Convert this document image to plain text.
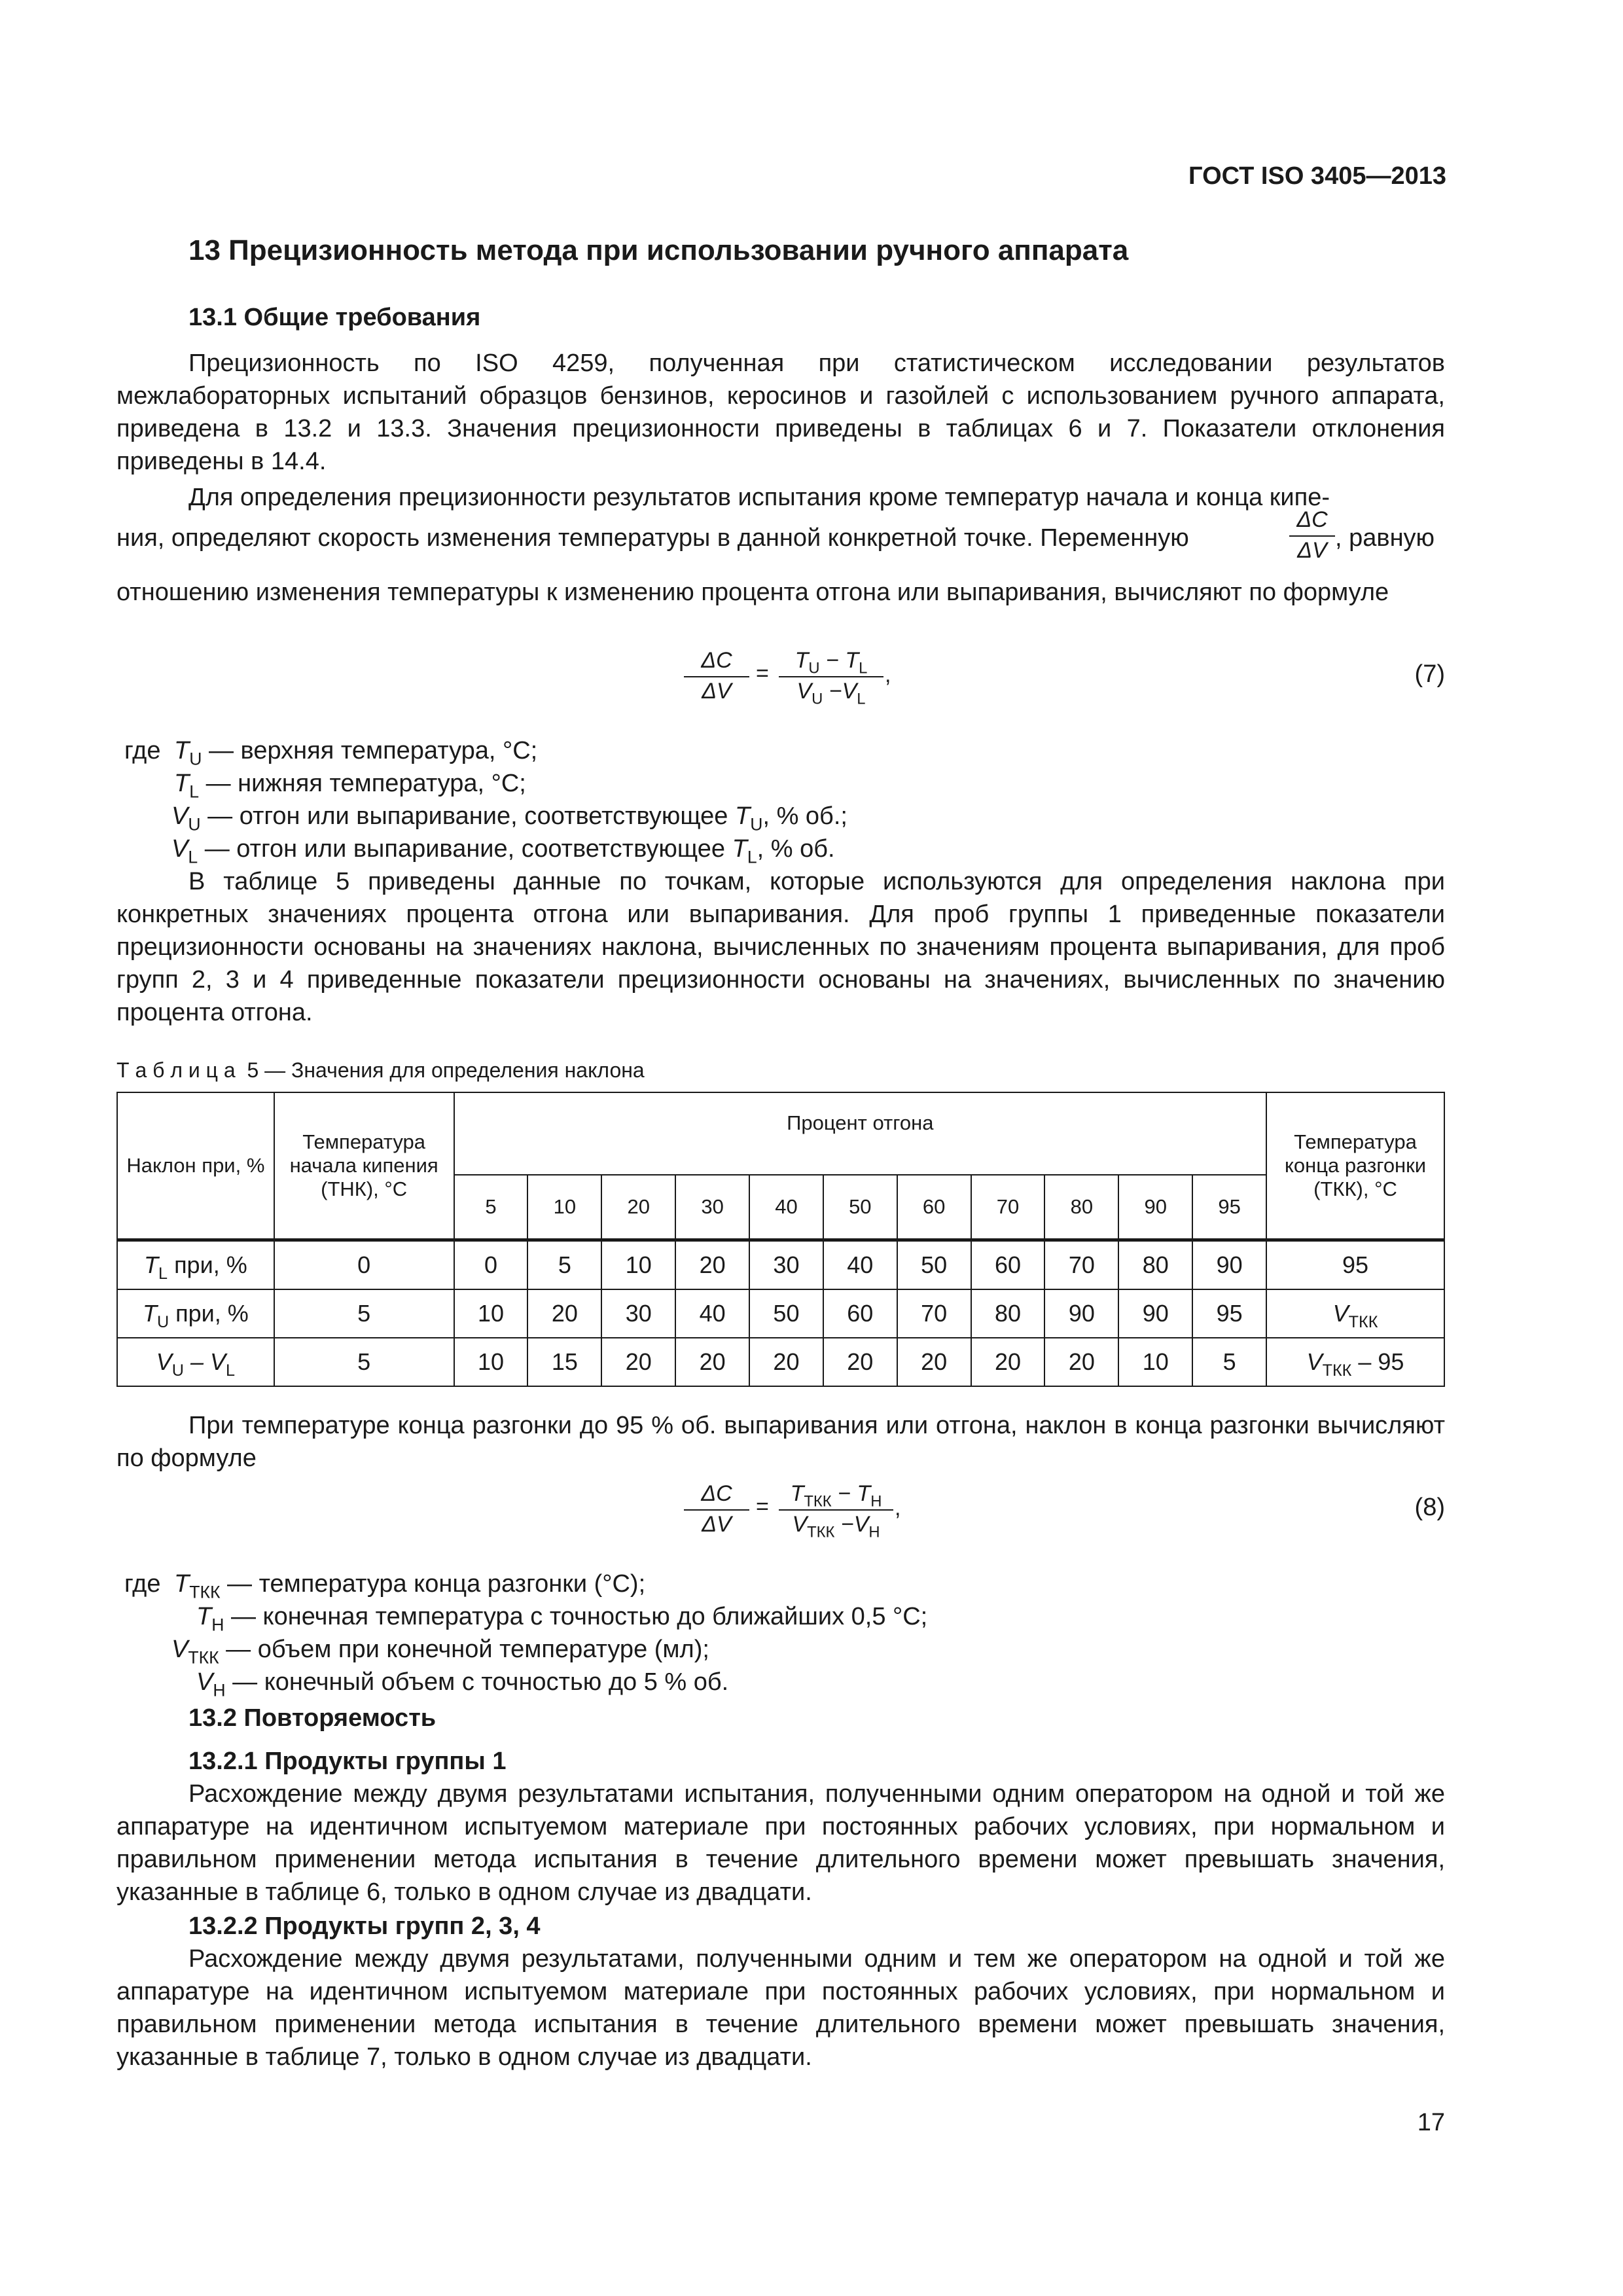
ГОСТ ISO 3405—2013
13 Прецизионность метода при использовании ручного аппарата
13.1 Общие требования
Прецизионность по ISO 4259, полученная при статистическом исследовании результатов межлабораторных испытаний образцов бензинов, керосинов и газойлей с использованием ручного аппарата, приведена в 13.2 и 13.3. Значения прецизионности приведены в таблицах 6 и 7. Показатели отклонения приведены в 14.4.
Для определения прецизионности результатов испытания кроме температур начала и конца кипе-
ния, определяют скорость изменения температуры в данной конкретной точке. Переменную	$\frac{\Delta C}{\Delta V}$ , равную
отношению изменения температуры к изменению процента отгона или выпаривания, вычисляют по формуле
$\frac{\Delta C}{\Delta V} = \frac{T_U - T_L}{V_U -V_L}$ ,	(7)
где $T_U$ — верхняя температура, °C;
$T_L$ — нижняя температура, °C;
$V_U$ — отгон или выпаривание, соответствующее $T_U$, % об.;
$V_L$ — отгон или выпаривание, соответствующее $T_L$, % об.
В таблице 5 приведены данные по точкам, которые используются для определения наклона при конкретных значениях процента отгона или выпаривания. Для проб группы 1 приведенные показатели прецизионности основаны на значениях наклона, вычисленных по значениям процента выпаривания, для проб групп 2, 3 и 4 приведенные показатели прецизионности основаны на значениях, вычисленных по значению процента отгона.
Т а б л и ц а 5 — Значения для определения наклона
Наклон при, %	Температура начала кипения (ТНК), °C	Процент отгона											Температура конца разгонки (ТКК), °C
		5	10	20	30	40	50	60	70	80	90	95	
$T_L$ при, %	0	0	5	10	20	30	40	50	60	70	80	90	95
$T_U$ при, %	5	10	20	30	40	50	60	70	80	90	90	95	$V_{ТКК}$
$V_U - V_L$	5	10	15	20	20	20	20	20	20	20	10	5	$V_{ТКК} - 95$
При температуре конца разгонки до 95 % об. выпаривания или отгона, наклон в конца разгонки вычисляют по формуле
$\frac{\Delta C}{\Delta V}$ =
$T_{ТКК} - T_Н$
$V_{ТКК} -V_Н$
,	(8)
где $T_{ТКК}$ — температура конца разгонки (°С);
$T_Н$ — конечная температура с точностью до ближайших 0,5 °С;
$V_{ТКК}$ — объем при конечной температуре (мл);
$V_Н$ — конечный объем с точностью до 5 % об.
13.2 Повторяемость
13.2.1 Продукты группы 1
Расхождение между двумя результатами испытания, полученными одним оператором на одной и той же аппаратуре на идентичном испытуемом материале при постоянных рабочих условиях, при нормальном и правильном применении метода испытания в течение длительного времени может превышать значения, указанные в таблице 6, только в одном случае из двадцати.
13.2.2 Продукты групп 2, 3, 4
Расхождение между двумя результатами, полученными одним и тем же оператором на одной и той же аппаратуре на идентичном испытуемом материале при постоянных рабочих условиях, при нормальном и правильном применении метода испытания в течение длительного времени может превышать значения, указанные в таблице 7, только в одном случае из двадцати.
17
